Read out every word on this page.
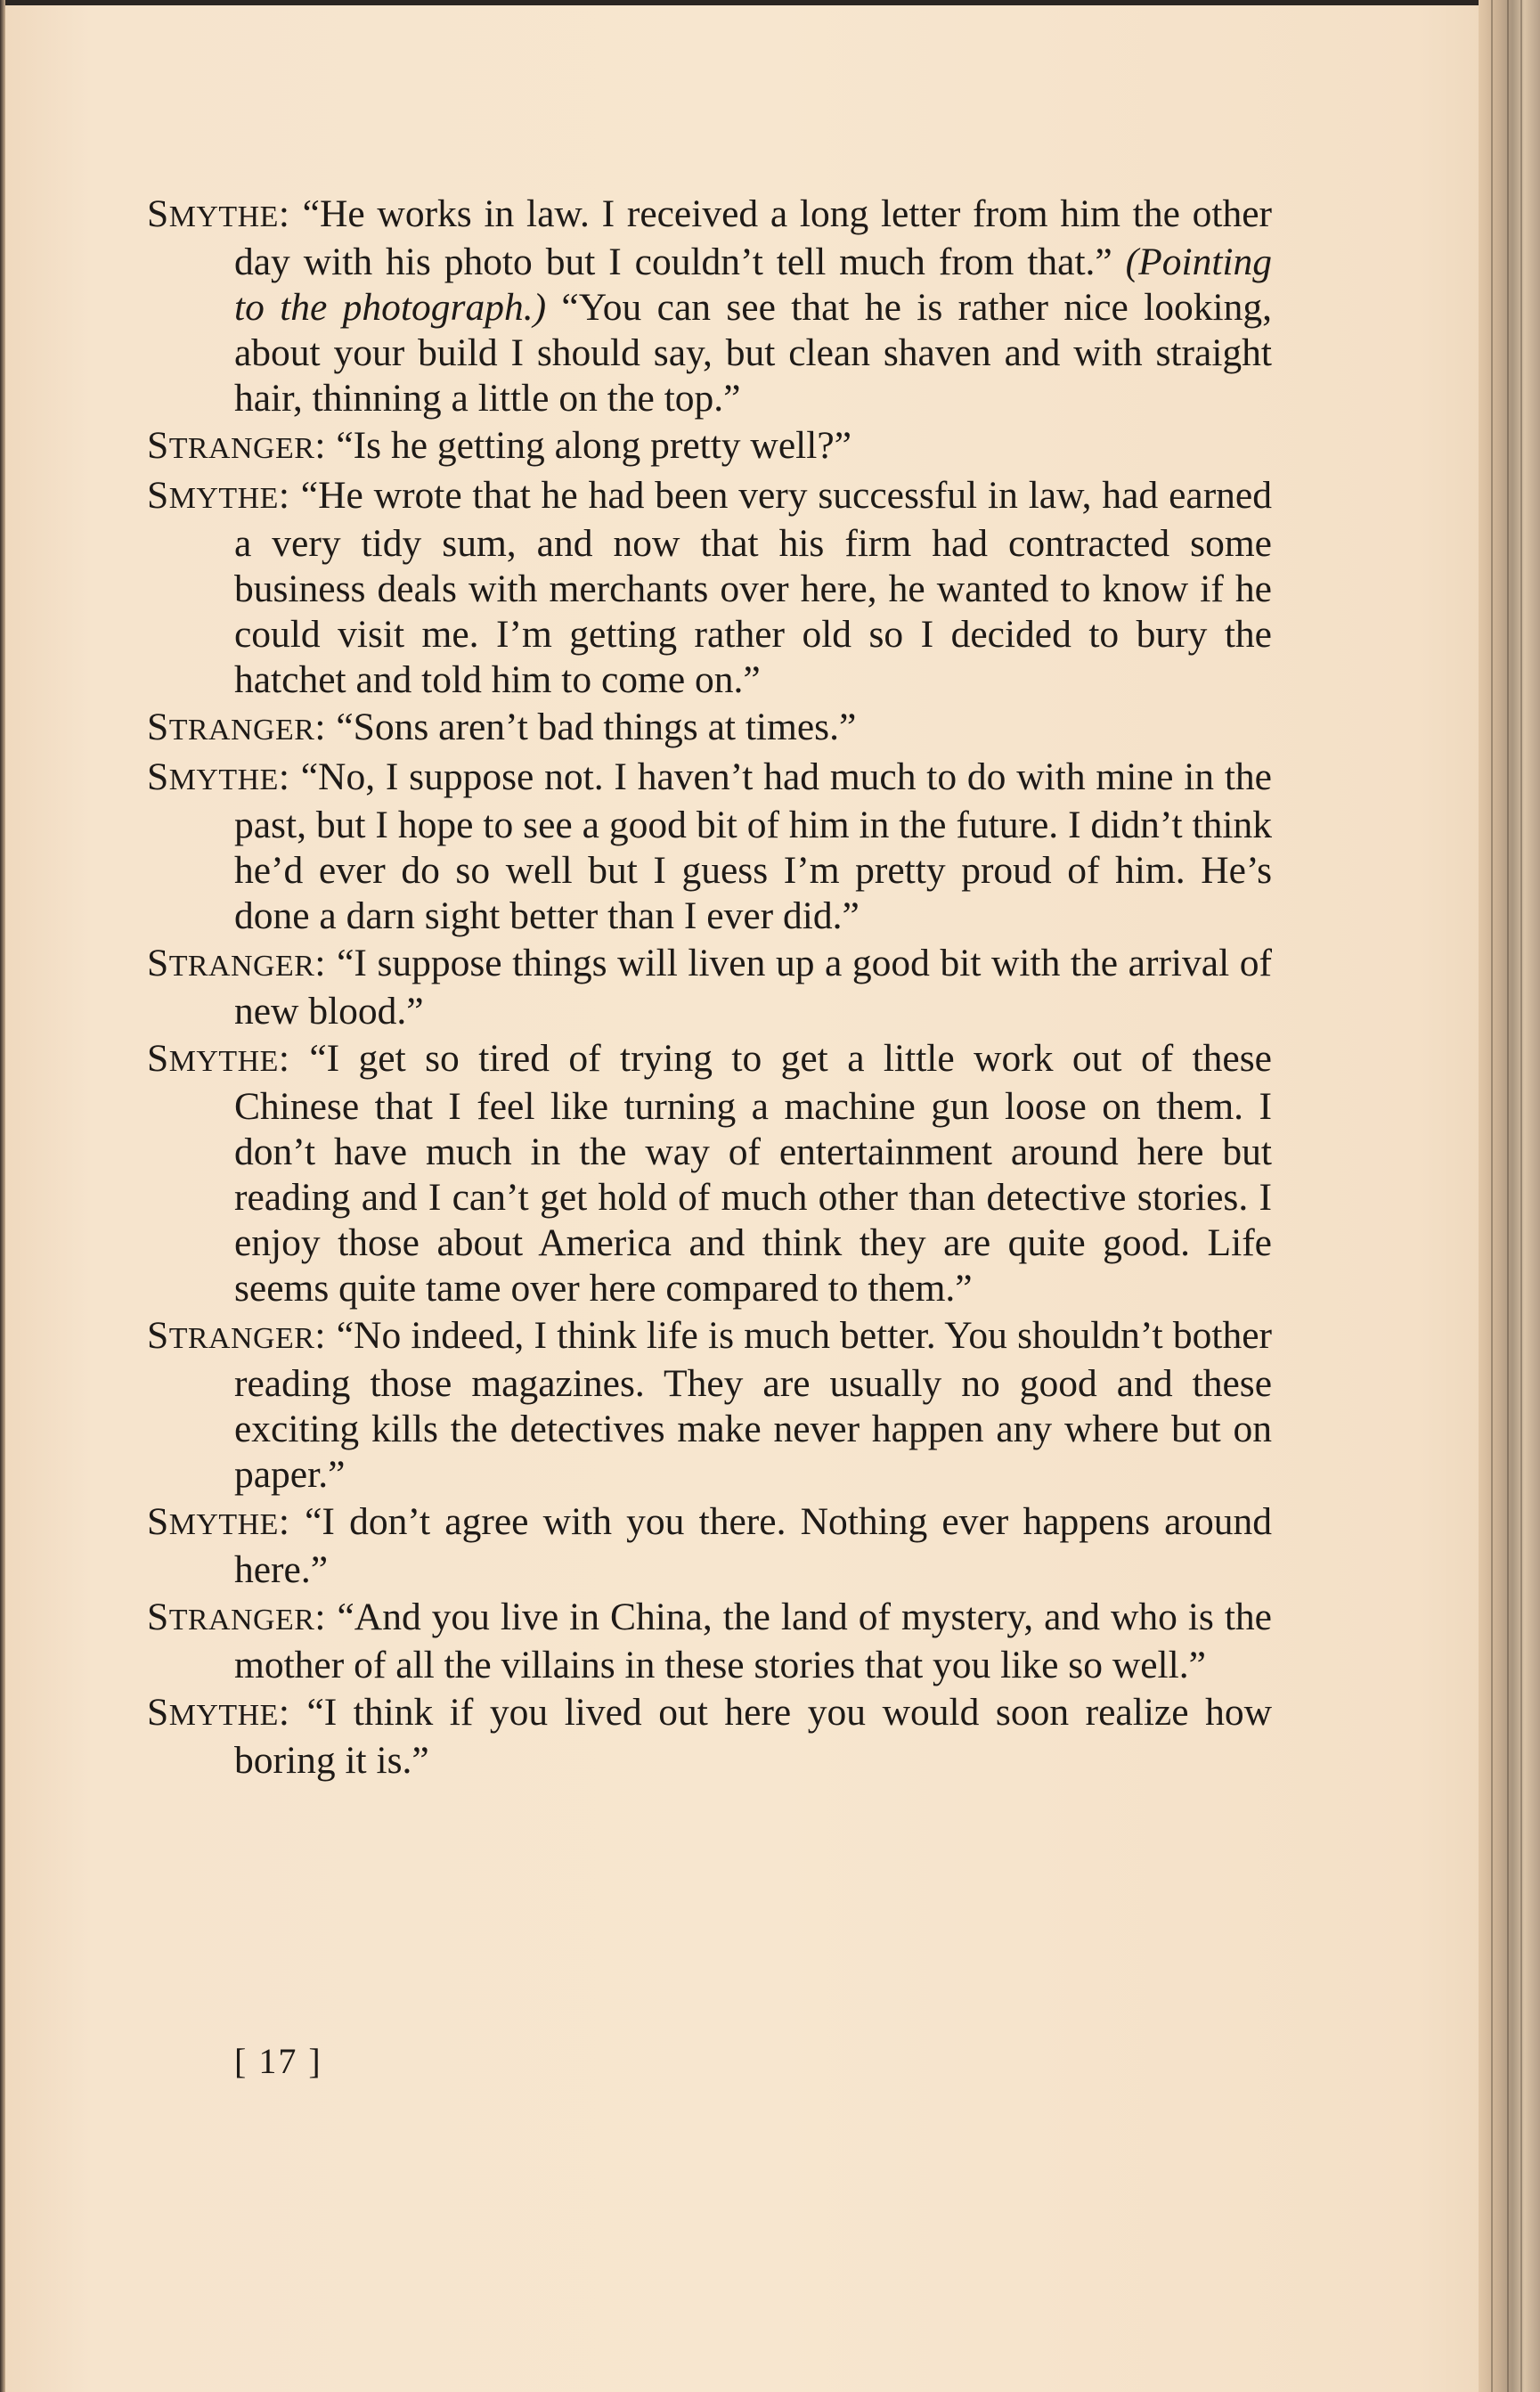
SMYTHE: “He works in law. I received a long letter from him the other day with his photo but I couldn’t tell much from that.” (Pointing to the photograph.) “You can see that he is rather nice looking, about your build I should say, but clean shaven and with straight hair, thinning a little on the top.”

STRANGER: “Is he getting along pretty well?”

SMYTHE: “He wrote that he had been very successful in law, had earned a very tidy sum, and now that his firm had contracted some business deals with merchants over here, he wanted to know if he could visit me. I’m getting rather old so I decided to bury the hatchet and told him to come on.”

STRANGER: “Sons aren’t bad things at times.”

SMYTHE: “No, I suppose not. I haven’t had much to do with mine in the past, but I hope to see a good bit of him in the future. I didn’t think he’d ever do so well but I guess I’m pretty proud of him. He’s done a darn sight better than I ever did.”

STRANGER: “I suppose things will liven up a good bit with the arrival of new blood.”

SMYTHE: “I get so tired of trying to get a little work out of these Chinese that I feel like turning a machine gun loose on them. I don’t have much in the way of entertainment around here but reading and I can’t get hold of much other than detective stories. I enjoy those about America and think they are quite good. Life seems quite tame over here compared to them.”

STRANGER: “No indeed, I think life is much better. You shouldn’t bother reading those magazines. They are usually no good and these exciting kills the detectives make never happen any where but on paper.”

SMYTHE: “I don’t agree with you there. Nothing ever happens around here.”

STRANGER: “And you live in China, the land of mystery, and who is the mother of all the villains in these stories that you like so well.”

SMYTHE: “I think if you lived out here you would soon realize how boring it is.”

[ 17 ]
